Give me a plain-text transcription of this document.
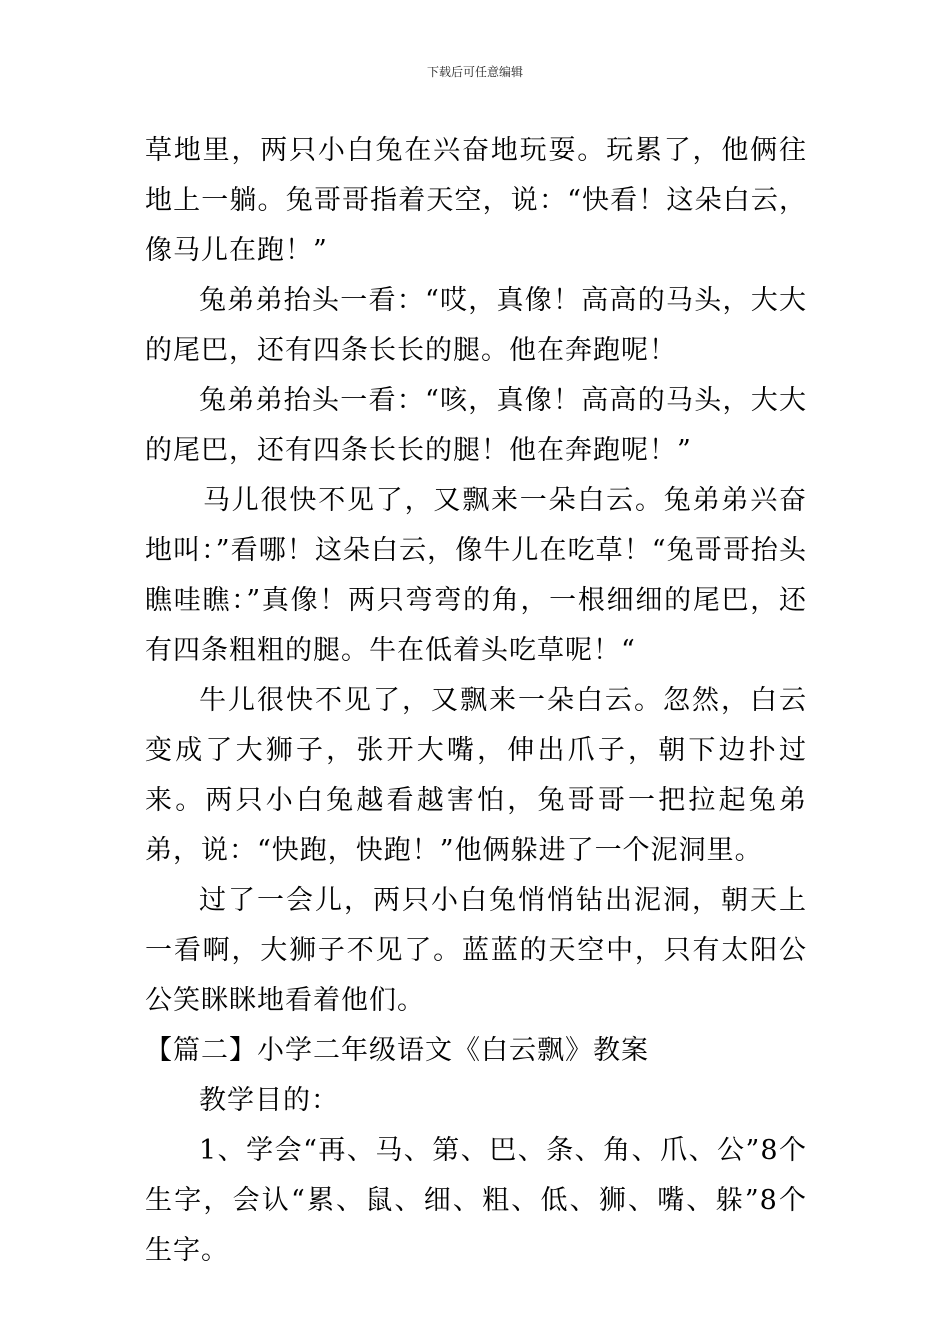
下载后可任意编辑

草地里，两只小白兔在兴奋地玩耍。玩累了，他俩往地上一躺。兔哥哥指着天空，说：“快看！这朵白云，像马儿在跑！”

兔弟弟抬头一看：“哎，真像！高高的马头，大大的尾巴，还有四条长长的腿。他在奔跑呢！

兔弟弟抬头一看：“咳，真像！高高的马头，大大的尾巴，还有四条长长的腿！他在奔跑呢！”

马儿很快不见了，又飘来一朵白云。兔弟弟兴奋地叫：”看哪！这朵白云，像牛儿在吃草！“兔哥哥抬头瞧哇瞧：”真像！两只弯弯的角，一根细细的尾巴，还有四条粗粗的腿。牛在低着头吃草呢！“

牛儿很快不见了，又飘来一朵白云。忽然，白云变成了大狮子，张开大嘴，伸出爪子，朝下边扑过来。两只小白兔越看越害怕，兔哥哥一把拉起兔弟弟，说：“快跑，快跑！”他俩躲进了一个泥洞里。

过了一会儿，两只小白兔悄悄钻出泥洞，朝天上一看啊，大狮子不见了。蓝蓝的天空中，只有太阳公公笑眯眯地看着他们。

【篇二】小学二年级语文《白云飘》教案

教学目的：

1、学会“再、马、第、巴、条、角、爪、公”8个生字，会认“累、鼠、细、粗、低、狮、嘴、躲”8个生字。
